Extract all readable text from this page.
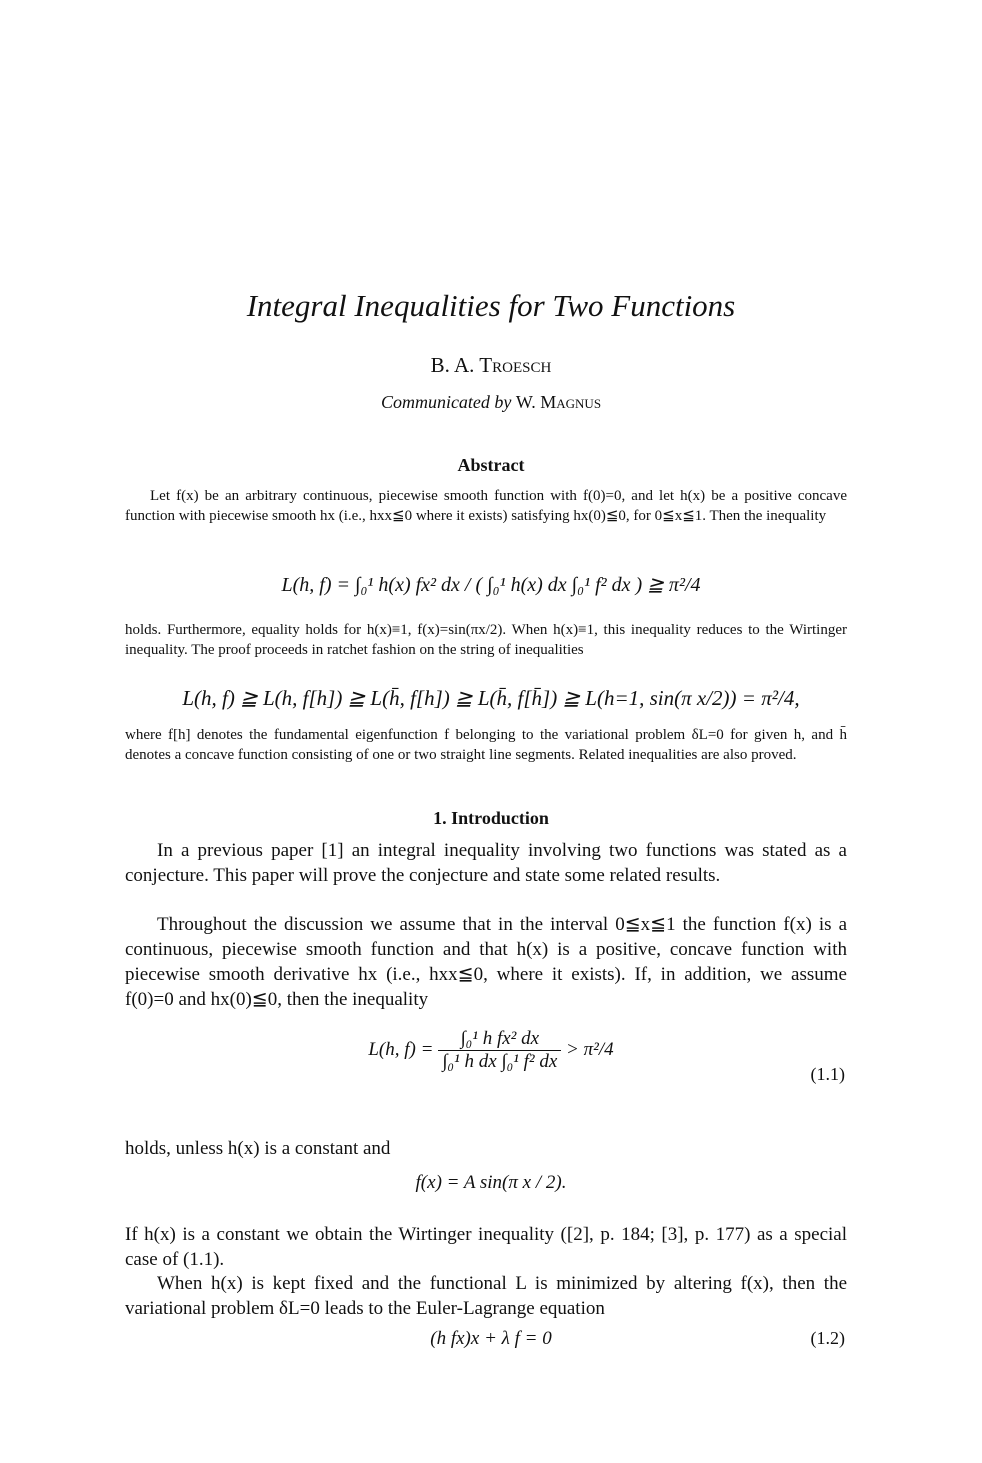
Integral Inequalities for Two Functions
B. A. Troesch
Communicated by W. Magnus
Abstract

Let f(x) be an arbitrary continuous, piecewise smooth function with f(0)=0, and let h(x) be a positive concave function with piecewise smooth hx (i.e., hxx≦0 where it exists) satisfying hx(0)≦0, for 0≦x≦1. Then the inequality

L(h, f) = ∫₀¹ h(x) fx² dx / ( ∫₀¹ h(x) dx ∫₀¹ f² dx ) ≧ π²/4

holds. Furthermore, equality holds for h(x)≡1, f(x)=sin(πx/2). When h(x)≡1, this inequality reduces to the Wirtinger inequality. The proof proceeds in ratchet fashion on the string of inequalities

L(h, f) ≧ L(h, f[h]) ≧ L(h̄, f[h]) ≧ L(h̄, f[h̄]) ≧ L(h=1, sin(π x/2)) = π²/4,

where f[h] denotes the fundamental eigenfunction f belonging to the variational problem δL=0 for given h, and h̄ denotes a concave function consisting of one or two straight line segments. Related inequalities are also proved.

1. Introduction

In a previous paper [1] an integral inequality involving two functions was stated as a conjecture. This paper will prove the conjecture and state some related results.

Throughout the discussion we assume that in the interval 0≦x≦1 the function f(x) is a continuous, piecewise smooth function and that h(x) is a positive, concave function with piecewise smooth derivative hx (i.e., hxx≦0, where it exists). If, in addition, we assume f(0)=0 and hx(0)≦0, then the inequality

L(h, $f) = \frac{\text{∫₀¹ h fx² dx}}{\text{∫₀¹ h dx ∫₀¹ f² dx}} > \pi^2/4$
(1.1)

holds, unless h(x) is a constant and

f(x) = A sin(π x / 2).

If h(x) is a constant we obtain the Wirtinger inequality ([2], p. 184; [3], p. 177) as a special case of (1.1).

When h(x) is kept fixed and the functional L is minimized by altering f(x), then the variational problem δL=0 leads to the Euler-Lagrange equation

(h fx)x + λ f = 0	(1.2)
